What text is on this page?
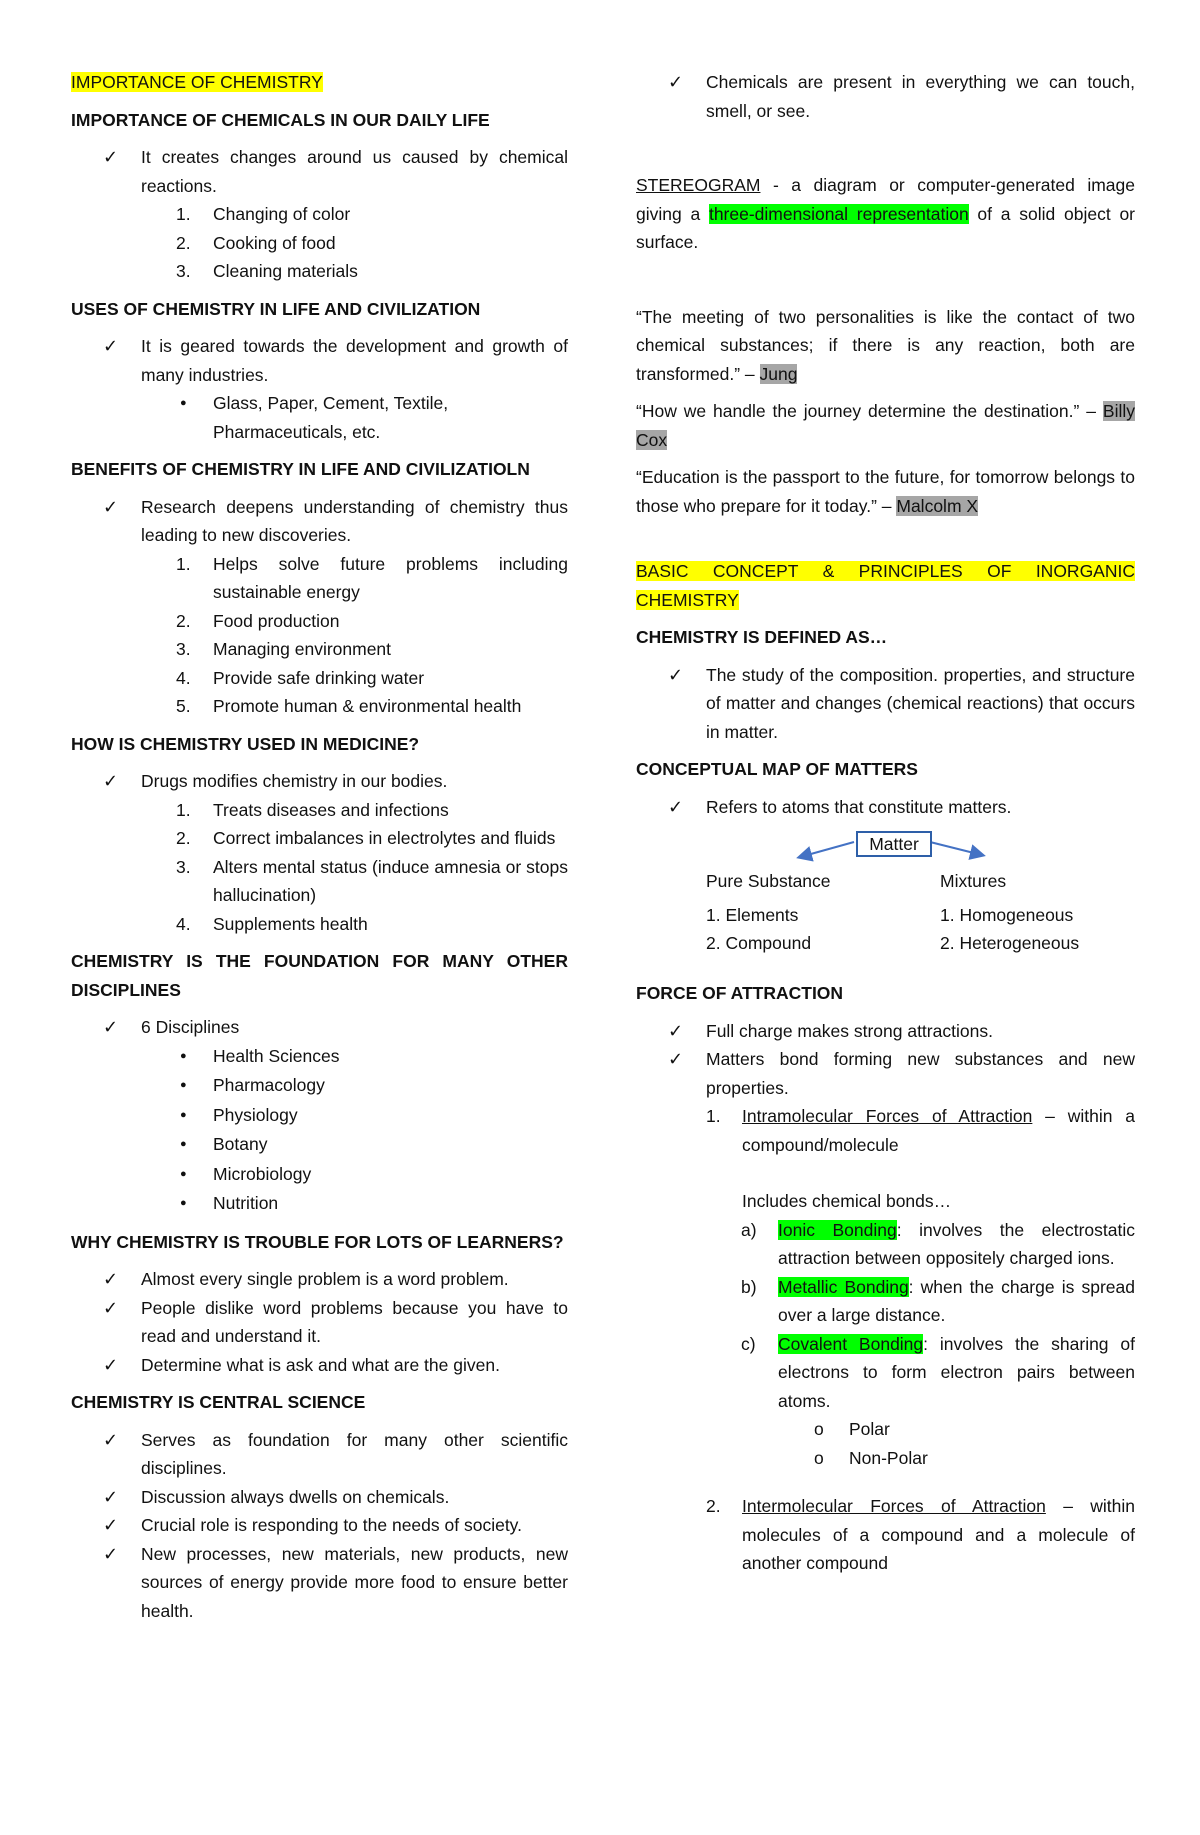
IMPORTANCE OF CHEMISTRY

IMPORTANCE OF CHEMICALS IN OUR DAILY LIFE

✓ It creates changes around us caused by chemical reactions.
1. Changing of color
2. Cooking of food
3. Cleaning materials

USES OF CHEMISTRY IN LIFE AND CIVILIZATION

✓ It is geared towards the development and growth of many industries.
● Glass, Paper, Cement, Textile, Pharmaceuticals, etc.

BENEFITS OF CHEMISTRY IN LIFE AND CIVILIZATIOLN

✓ Research deepens understanding of chemistry thus leading to new discoveries.
1. Helps solve future problems including sustainable energy
2. Food production
3. Managing environment
4. Provide safe drinking water
5. Promote human & environmental health

HOW IS CHEMISTRY USED IN MEDICINE?

✓ Drugs modifies chemistry in our bodies.
1. Treats diseases and infections
2. Correct imbalances in electrolytes and fluids
3. Alters mental status (induce amnesia or stops hallucination)
4. Supplements health

CHEMISTRY IS THE FOUNDATION FOR MANY OTHER DISCIPLINES

✓ 6 Disciplines
● Health Sciences
● Pharmacology
● Physiology
● Botany
● Microbiology
● Nutrition

WHY CHEMISTRY IS TROUBLE FOR LOTS OF LEARNERS?

✓ Almost every single problem is a word problem.
✓ People dislike word problems because you have to read and understand it.
✓ Determine what is ask and what are the given.

CHEMISTRY IS CENTRAL SCIENCE

✓ Serves as foundation for many other scientific disciplines.
✓ Discussion always dwells on chemicals.
✓ Crucial role is responding to the needs of society.
✓ New processes, new materials, new products, new sources of energy provide more food to ensure better health.
✓ Chemicals are present in everything we can touch, smell, or see.

STEREOGRAM - a diagram or computer-generated image giving a three-dimensional representation of a solid object or surface.

“The meeting of two personalities is like the contact of two chemical substances; if there is any reaction, both are transformed.” – Jung

“How we handle the journey determine the destination.” – Billy Cox

“Education is the passport to the future, for tomorrow belongs to those who prepare for it today.” – Malcolm X

BASIC CONCEPT & PRINCIPLES OF INORGANIC CHEMISTRY

CHEMISTRY IS DEFINED AS…

✓ The study of the composition. properties, and structure of matter and changes (chemical reactions) that occurs in matter.

CONCEPTUAL MAP OF MATTERS

✓ Refers to atoms that constitute matters.
Matter
Pure Substance	Mixtures
1. Elements
2. Compound
1. Homogeneous
2. Heterogeneous

FORCE OF ATTRACTION

✓ Full charge makes strong attractions.
✓ Matters bond forming new substances and new properties.
1. Intramolecular Forces of Attraction – within a compound/molecule

Includes chemical bonds…

a) Ionic Bonding: involves the electrostatic attraction between oppositely charged ions.
b) Metallic Bonding: when the charge is spread over a large distance.
c) Covalent Bonding: involves the sharing of electrons to form electron pairs between atoms.
o Polar
o Non-Polar
2. Intermolecular Forces of Attraction – within molecules of a compound and a molecule of another compound
